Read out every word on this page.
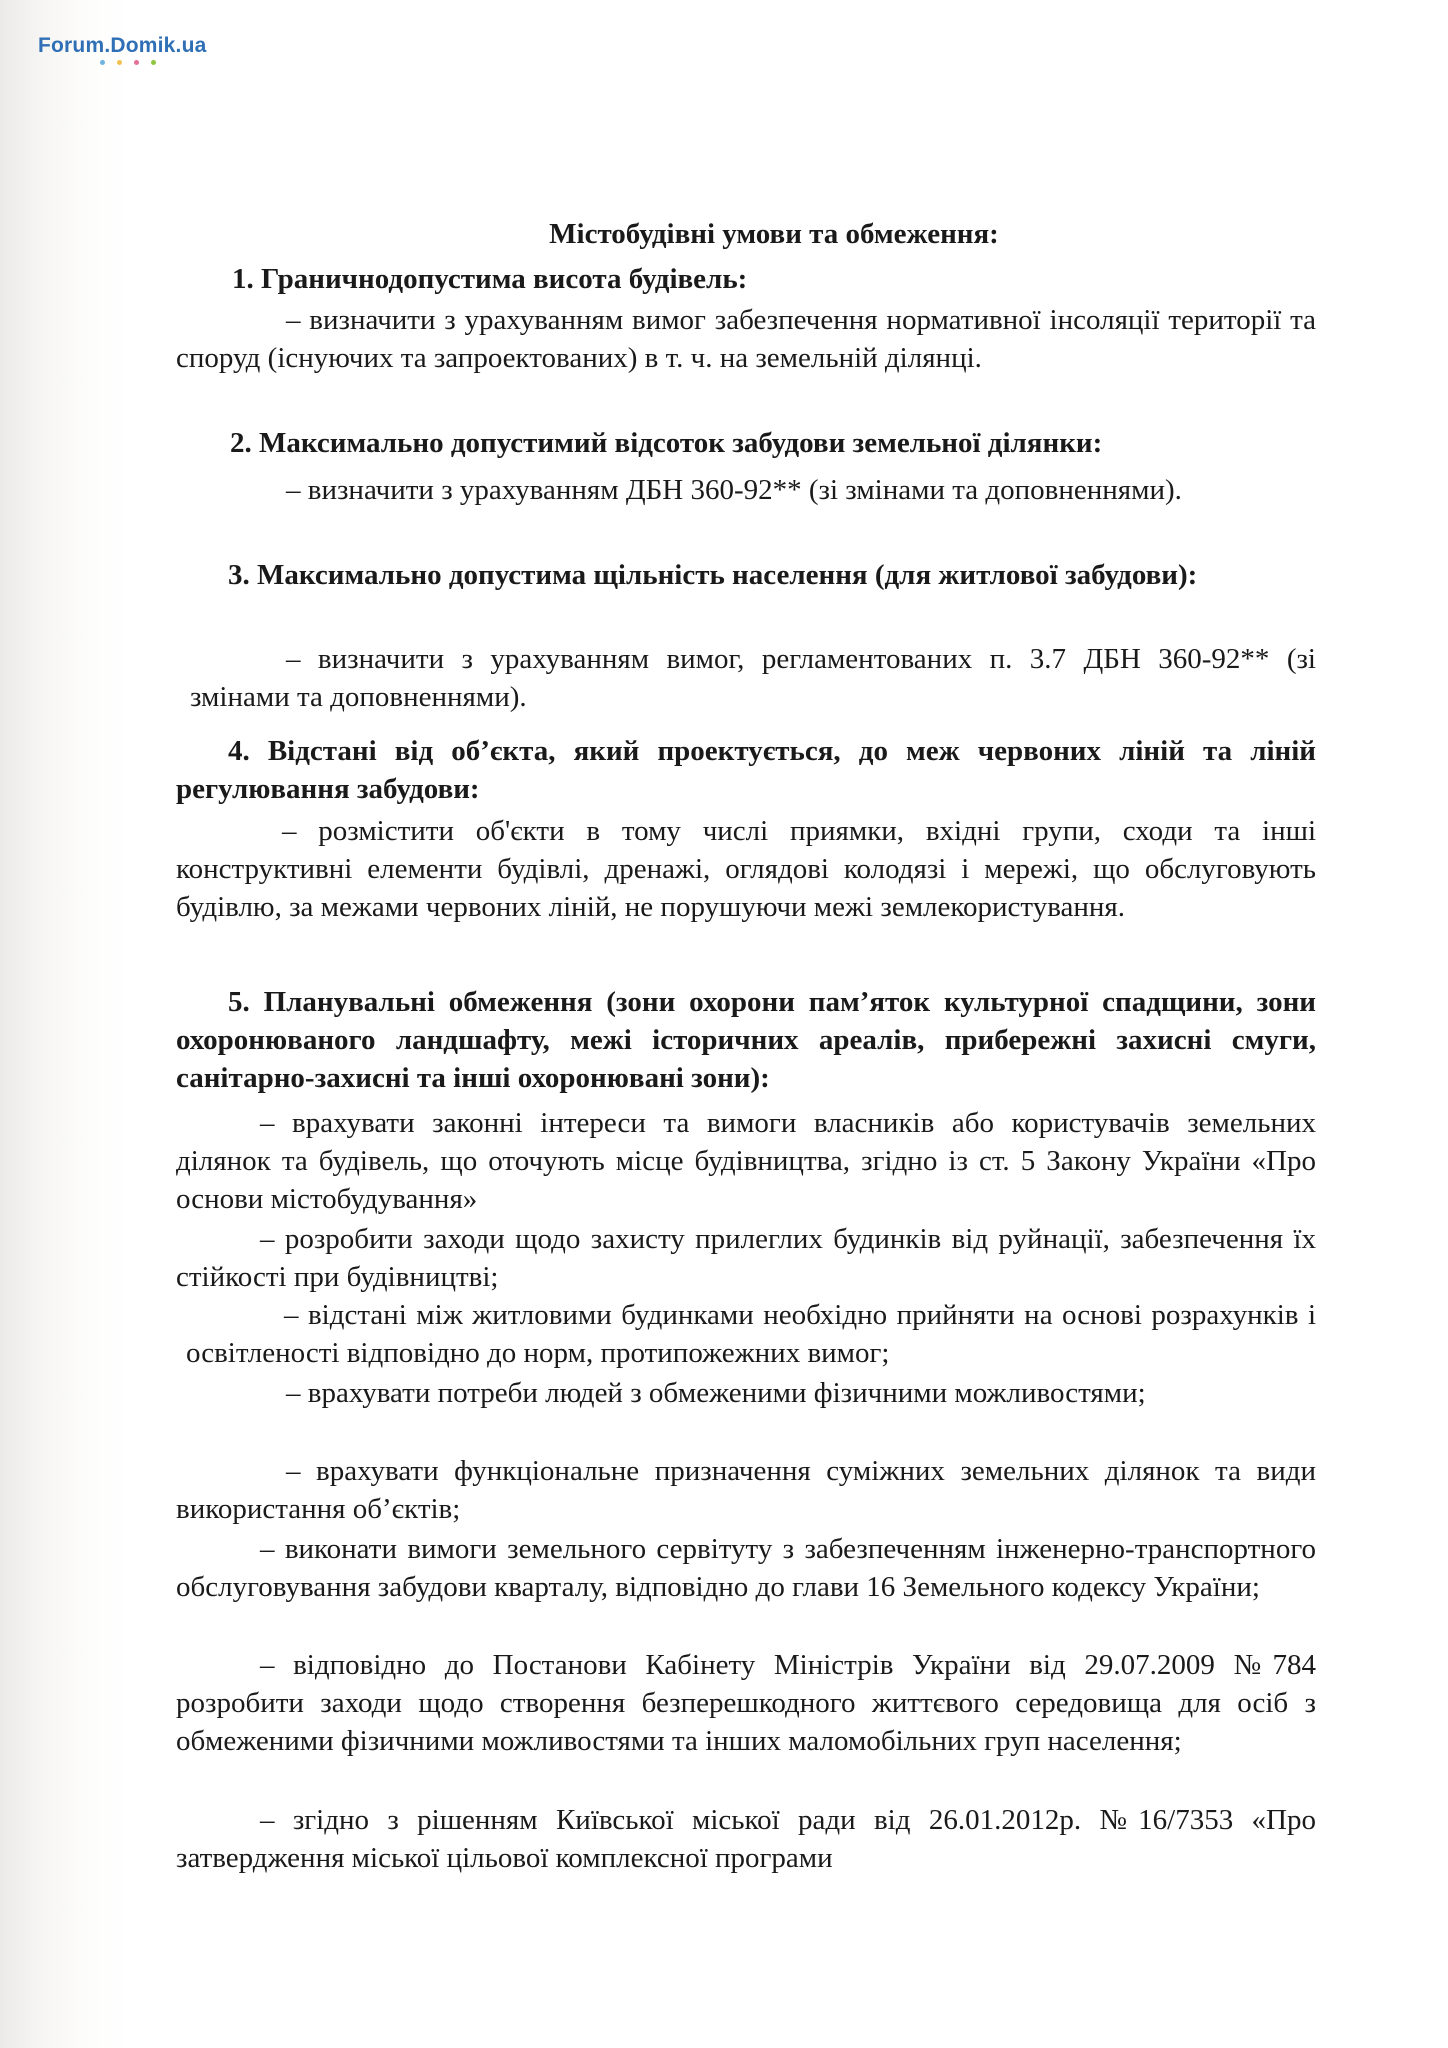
Forum.Domik.ua
Містобудівні умови та обмеження:
1. Граничнодопустима висота будівель:
– визначити з урахуванням вимог забезпечення нормативної інсоляції території та споруд (існуючих та запроектованих) в т. ч. на земельній ділянці.
2. Максимально допустимий відсоток забудови земельної ділянки:
– визначити з урахуванням ДБН 360-92** (зі змінами та доповненнями).
3. Максимально допустима щільність населення (для житлової забудови):
– визначити з урахуванням вимог, регламентованих п. 3.7 ДБН 360-92** (зі змінами та доповненнями).
4. Відстані від об’єкта, який проектується, до меж червоних ліній та ліній регулювання забудови:
– розмістити об'єкти в тому числі приямки, вхідні групи, сходи та інші конструктивні елементи будівлі, дренажі, оглядові колодязі і мережі, що обслуговують будівлю, за межами червоних ліній, не порушуючи межі землекористування.
5. Планувальні обмеження (зони охорони пам’яток культурної спадщини, зони охоронюваного ландшафту, межі історичних ареалів, прибережні захисні смуги, санітарно-захисні та інші охоронювані зони):
– врахувати законні інтереси та вимоги власників або користувачів земельних ділянок та будівель, що оточують місце будівництва, згідно із ст. 5 Закону України «Про основи містобудування»
– розробити заходи щодо захисту прилеглих будинків від руйнації, забезпечення їх стійкості при будівництві;
– відстані між житловими будинками необхідно прийняти на основі розрахунків і освітленості відповідно до норм, протипожежних вимог;
– врахувати потреби людей з обмеженими фізичними можливостями;
– врахувати функціональне призначення суміжних земельних ділянок та види використання об’єктів;
– виконати вимоги земельного сервітуту з забезпеченням інженерно-транспортного обслуговування забудови кварталу, відповідно до глави 16 Земельного кодексу України;
– відповідно до Постанови Кабінету Міністрів України від 29.07.2009 №784 розробити заходи щодо створення безперешкодного життєвого середовища для осіб з обмеженими фізичними можливостями та інших маломобільних груп населення;
– згідно з рішенням Київської міської ради від 26.01.2012р. №16/7353 «Про затвердження міської цільової комплексної програми
